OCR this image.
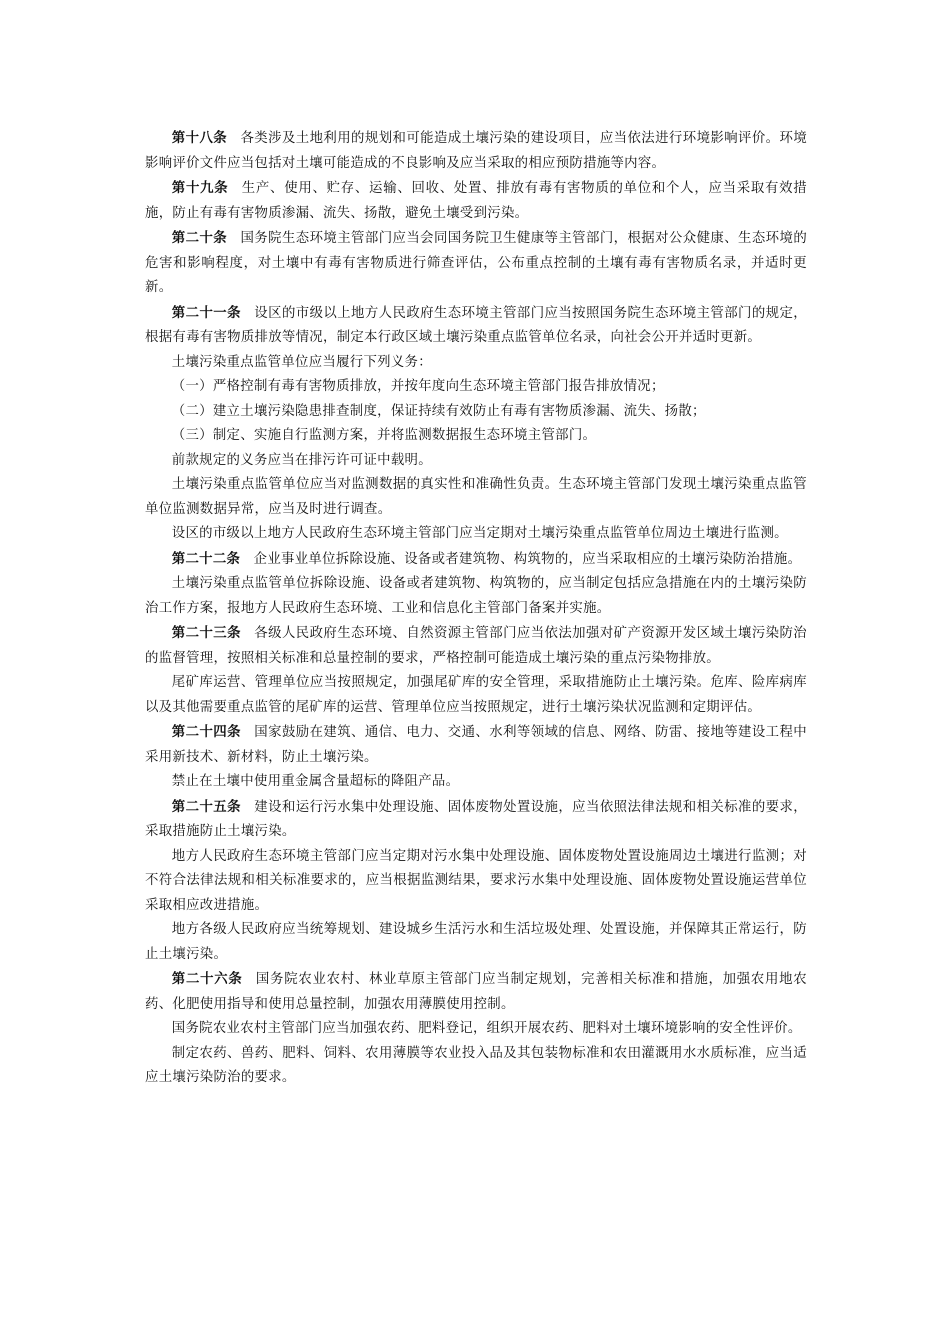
第十八条 各类涉及土地利用的规划和可能造成土壤污染的建设项目，应当依法进行环境影响评价。环境影响评价文件应当包括对土壤可能造成的不良影响及应当采取的相应预防措施等内容。

第十九条 生产、使用、贮存、运输、回收、处置、排放有毒有害物质的单位和个人，应当采取有效措施，防止有毒有害物质渗漏、流失、扬散，避免土壤受到污染。

第二十条 国务院生态环境主管部门应当会同国务院卫生健康等主管部门，根据对公众健康、生态环境的危害和影响程度，对土壤中有毒有害物质进行筛查评估，公布重点控制的土壤有毒有害物质名录，并适时更新。

第二十一条 设区的市级以上地方人民政府生态环境主管部门应当按照国务院生态环境主管部门的规定，根据有毒有害物质排放等情况，制定本行政区域土壤污染重点监管单位名录，向社会公开并适时更新。

土壤污染重点监管单位应当履行下列义务：

（一）严格控制有毒有害物质排放，并按年度向生态环境主管部门报告排放情况；

（二）建立土壤污染隐患排查制度，保证持续有效防止有毒有害物质渗漏、流失、扬散；

（三）制定、实施自行监测方案，并将监测数据报生态环境主管部门。

前款规定的义务应当在排污许可证中载明。

土壤污染重点监管单位应当对监测数据的真实性和准确性负责。生态环境主管部门发现土壤污染重点监管单位监测数据异常，应当及时进行调查。

设区的市级以上地方人民政府生态环境主管部门应当定期对土壤污染重点监管单位周边土壤进行监测。

第二十二条 企业事业单位拆除设施、设备或者建筑物、构筑物的，应当采取相应的土壤污染防治措施。

土壤污染重点监管单位拆除设施、设备或者建筑物、构筑物的，应当制定包括应急措施在内的土壤污染防治工作方案，报地方人民政府生态环境、工业和信息化主管部门备案并实施。

第二十三条 各级人民政府生态环境、自然资源主管部门应当依法加强对矿产资源开发区域土壤污染防治的监督管理，按照相关标准和总量控制的要求，严格控制可能造成土壤污染的重点污染物排放。

尾矿库运营、管理单位应当按照规定，加强尾矿库的安全管理，采取措施防止土壤污染。危库、险库病库以及其他需要重点监管的尾矿库的运营、管理单位应当按照规定，进行土壤污染状况监测和定期评估。

第二十四条 国家鼓励在建筑、通信、电力、交通、水利等领域的信息、网络、防雷、接地等建设工程中采用新技术、新材料，防止土壤污染。

禁止在土壤中使用重金属含量超标的降阻产品。

第二十五条 建设和运行污水集中处理设施、固体废物处置设施，应当依照法律法规和相关标准的要求，采取措施防止土壤污染。

地方人民政府生态环境主管部门应当定期对污水集中处理设施、固体废物处置设施周边土壤进行监测；对不符合法律法规和相关标准要求的，应当根据监测结果，要求污水集中处理设施、固体废物处置设施运营单位采取相应改进措施。

地方各级人民政府应当统筹规划、建设城乡生活污水和生活垃圾处理、处置设施，并保障其正常运行，防止土壤污染。

第二十六条 国务院农业农村、林业草原主管部门应当制定规划，完善相关标准和措施，加强农用地农药、化肥使用指导和使用总量控制，加强农用薄膜使用控制。

国务院农业农村主管部门应当加强农药、肥料登记，组织开展农药、肥料对土壤环境影响的安全性评价。

制定农药、兽药、肥料、饲料、农用薄膜等农业投入品及其包装物标准和农田灌溉用水水质标准，应当适应土壤污染防治的要求。
